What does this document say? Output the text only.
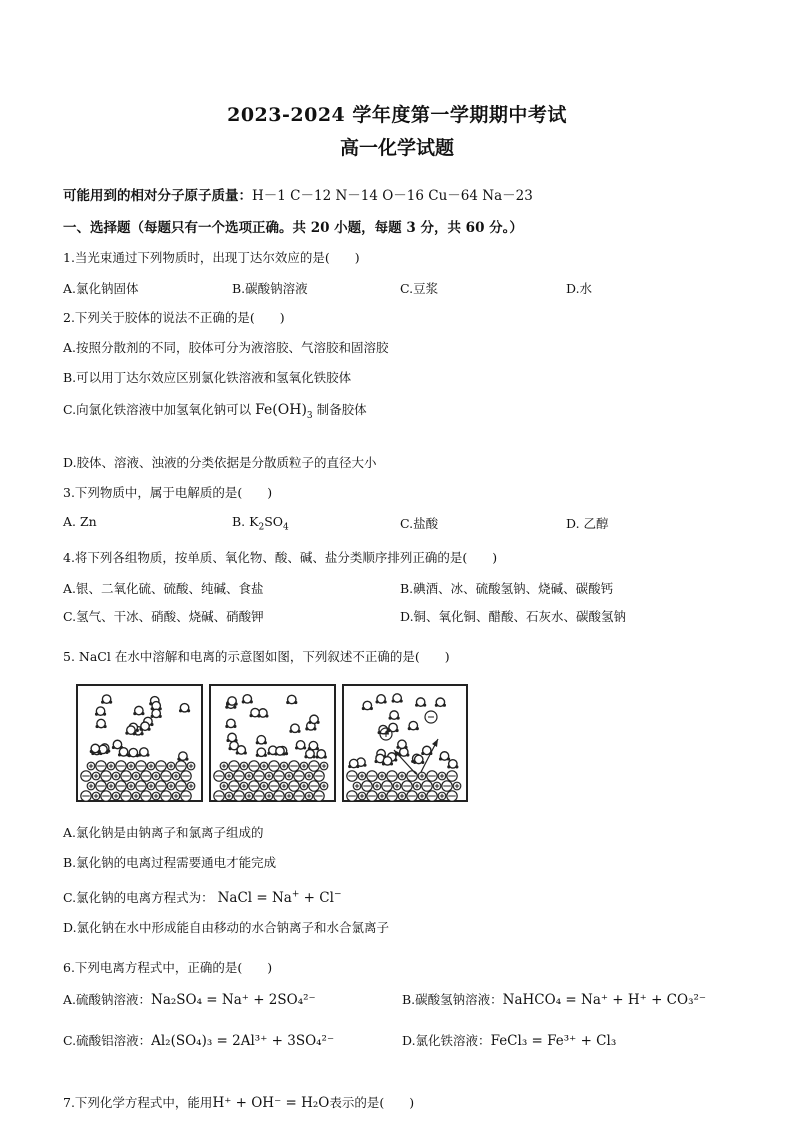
2023-2024 学年度第一学期期中考试
高一化学试题
可能用到的相对分子原子质量：H－1 C－12 N－14 O－16 Cu－64 Na－23
一、选择题（每题只有一个选项正确。共 20 小题，每题 3 分，共 60 分。）
1.当光束通过下列物质时，出现丁达尔效应的是(　　)
A.氯化钠固体	B.碳酸钠溶液	C.豆浆	D.水
2.下列关于胶体的说法不正确的是(　　)
A.按照分散剂的不同，胶体可分为液溶胶、气溶胶和固溶胶
B.可以用丁达尔效应区别氯化铁溶液和氢氧化铁胶体
C.向氯化铁溶液中加氢氧化钠可以 $Fe(OH)_3$ 制备胶体
D.胶体、溶液、浊液的分类依据是分散质粒子的直径大小
3.下列物质中，属于电解质的是(　　)
A. Zn	B. $K_2SO_4$	C.盐酸	D. 乙醇
4.将下列各组物质，按单质、氧化物、酸、碱、盐分类顺序排列正确的是(　　)
A.银、二氧化硫、硫酸、纯碱、食盐	B.碘酒、冰、硫酸氢钠、烧碱、碳酸钙
C.氢气、干冰、硝酸、烧碱、硝酸钾	D.铜、氧化铜、醋酸、石灰水、碳酸氢钠
5. NaCl 在水中溶解和电离的示意图如图，下列叙述不正确的是(　　)
A.氯化钠是由钠离子和氯离子组成的
B.氯化钠的电离过程需要通电才能完成
C.氯化钠的电离方程式为： NaCl = Na+ + Cl−
D.氯化钠在水中形成能自由移动的水合钠离子和水合氯离子
6.下列电离方程式中，正确的是(　　)
A.硫酸钠溶液：Na₂SO₄ = Na⁺ + 2SO₄²⁻	B.碳酸氢钠溶液：NaHCO₄ = Na⁺ + H⁺ + CO₃²⁻
C.硫酸铝溶液：Al₂(SO₄)₃ = 2Al³⁺ + 3SO₄²⁻	D.氯化铁溶液：FeCl₃ = Fe³⁺ + Cl₃
7.下列化学方程式中，能用H⁺ + OH⁻ = H₂O表示的是(　　)
